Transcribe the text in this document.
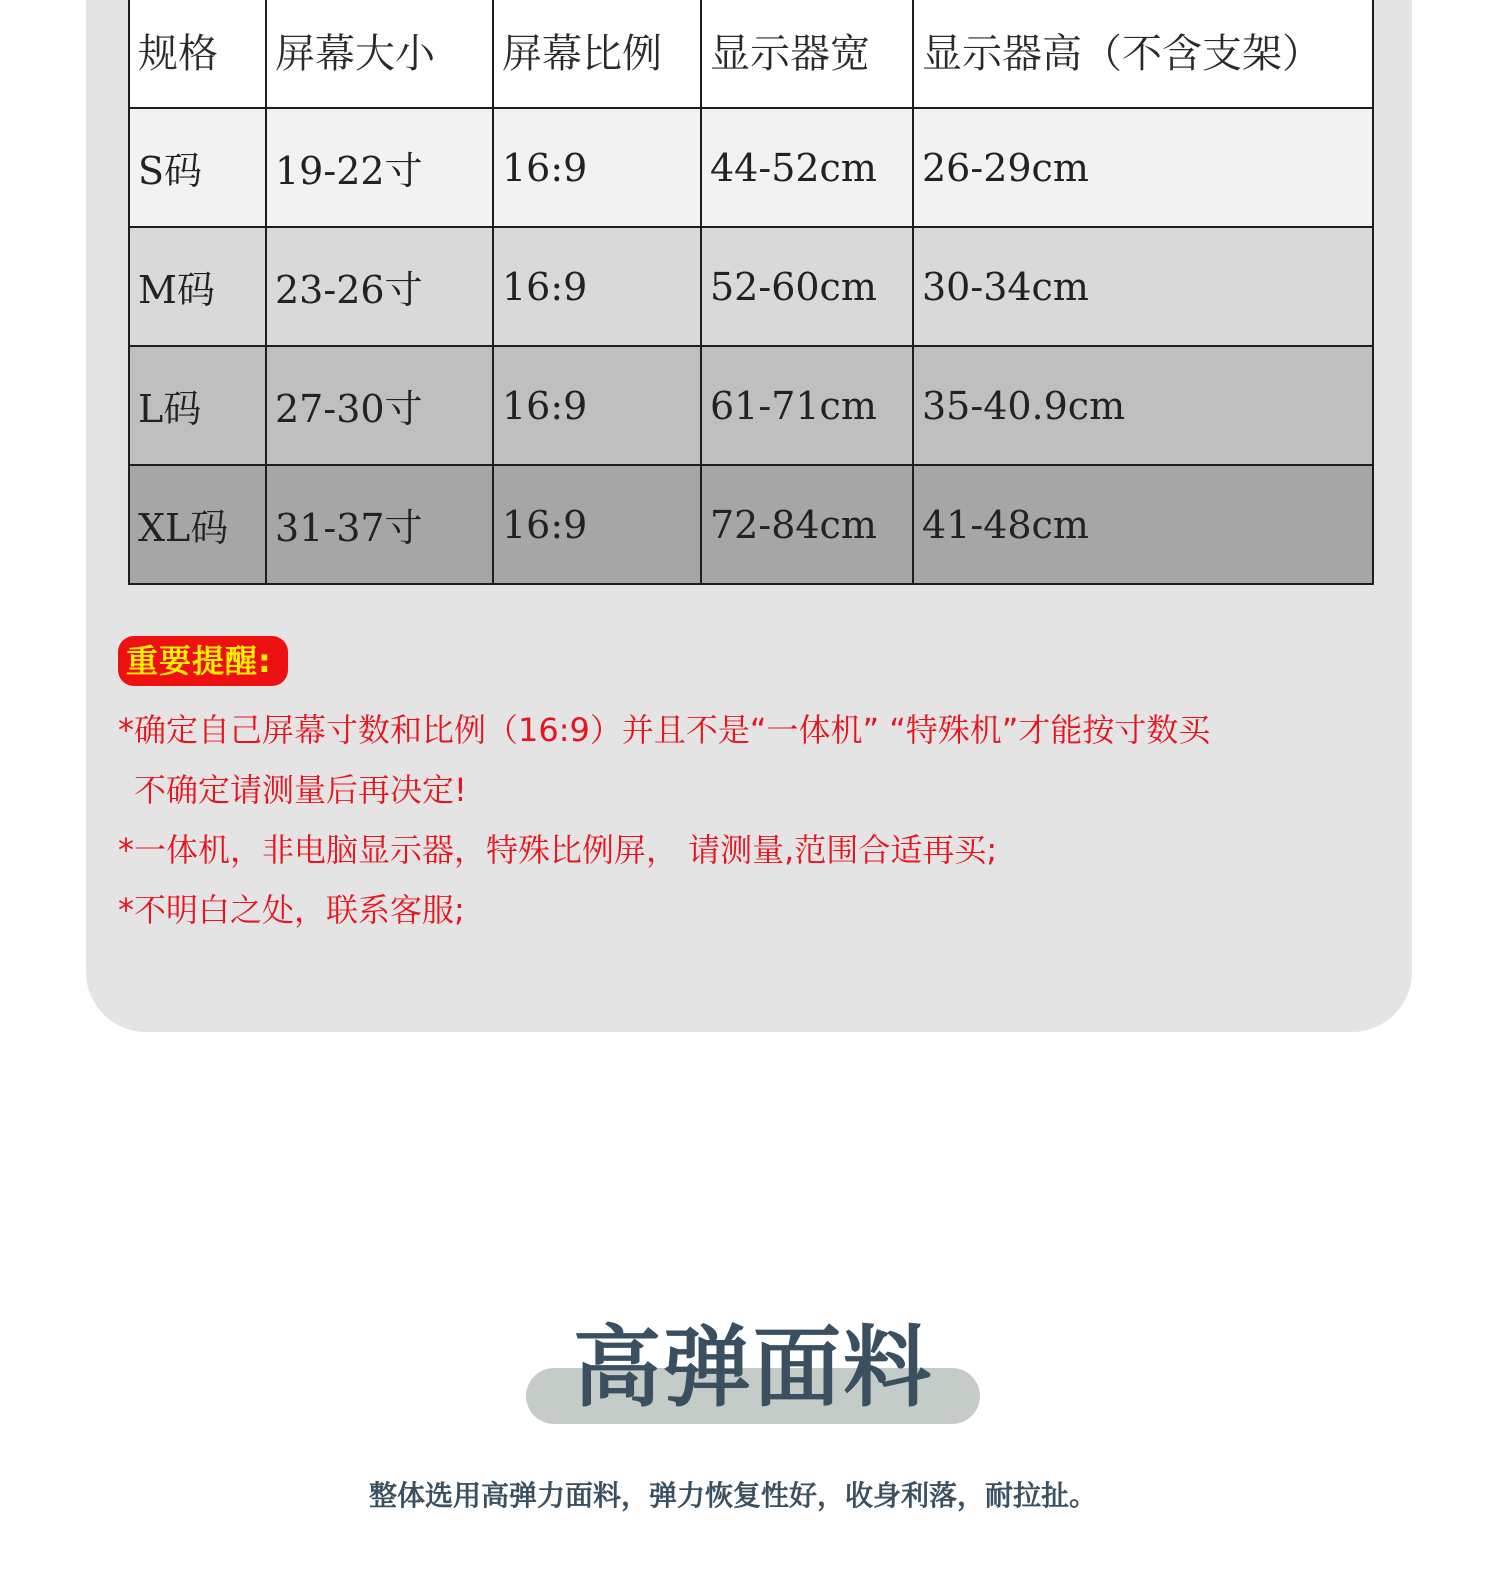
规格	屏幕大小	屏幕比例	显示器宽	显示器高（不含支架）
S码	19-22寸	16:9	44-52cm	26-29cm
M码	23-26寸	16:9	52-60cm	30-34cm
L码	27-30寸	16:9	61-71cm	35-40.9cm
XL码	31-37寸	16:9	72-84cm	41-48cm
重要提醒:

*确定自己屏幕寸数和比例（16:9）并且不是“一体机” “特殊机”才能按寸数买

不确定请测量后再决定!

*一体机，非电脑显示器，特殊比例屏， 请测量,范围合适再买;

*不明白之处，联系客服;

高弹面料
整体选用高弹力面料，弹力恢复性好，收身利落，耐拉扯。
